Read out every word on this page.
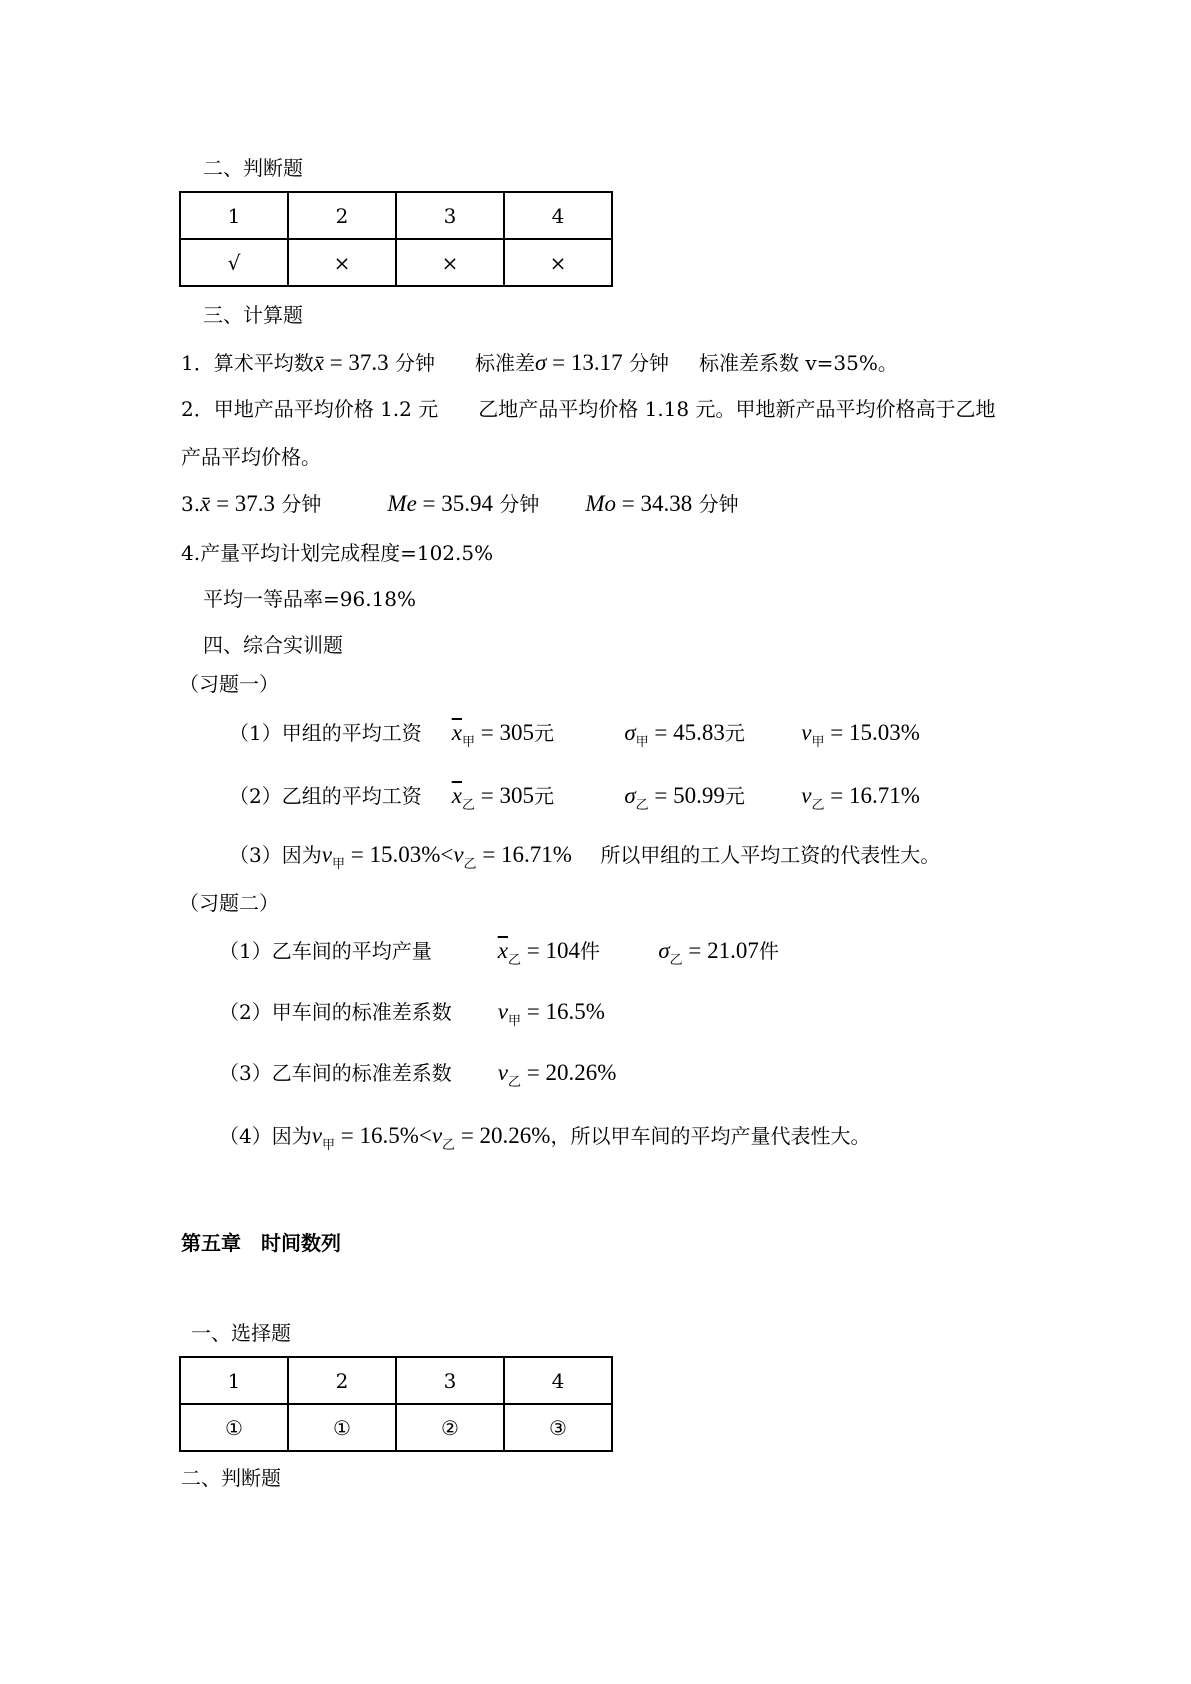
二、判断题
1	2	3	4
√	×	×	×
三、计算题
1．算术平均数x̄ = 37.3 分钟 标准差σ = 13.17 分钟 标准差系数 v=35%。
2．甲地产品平均价格 1.2 元　　乙地产品平均价格 1.18 元。甲地新产品平均价格高于乙地
产品平均价格。
3.x̄ = 37.3 分钟	Me = 35.94 分钟 Mo = 34.38 分钟
4.产量平均计划完成程度=102.5%
平均一等品率=96.18%
四、综合实训题
（习题一）
（1）甲组的平均工资 $\overline{x}_甲 = 305$元	$\sigma_甲 = 45.83$元 $v_甲 = 15.03\%$
（2）乙组的平均工资 $\overline{x}_乙 = 305$元	$\sigma_乙 = 50.99$元 $v_乙 = 16.71\%$
（3）因为$v_甲 = 15.03\%<v_乙 = 16.71\%$ 所以甲组的工人平均工资的代表性大。
（习题二）
（1）乙车间的平均产量	$\overline{x}_乙 = 104$件	$\sigma_乙 = 21.07$件
（2）甲车间的标准差系数 $v_甲 = 16.5\%$
（3）乙车间的标准差系数 $v_乙 = 20.26\%$
（4）因为$v_甲 = 16.5\%<v_乙 = 20.26\%$，所以甲车间的平均产量代表性大。
第五章　时间数列
一、选择题
1	2	3	4
①	①	②	③
二、判断题
